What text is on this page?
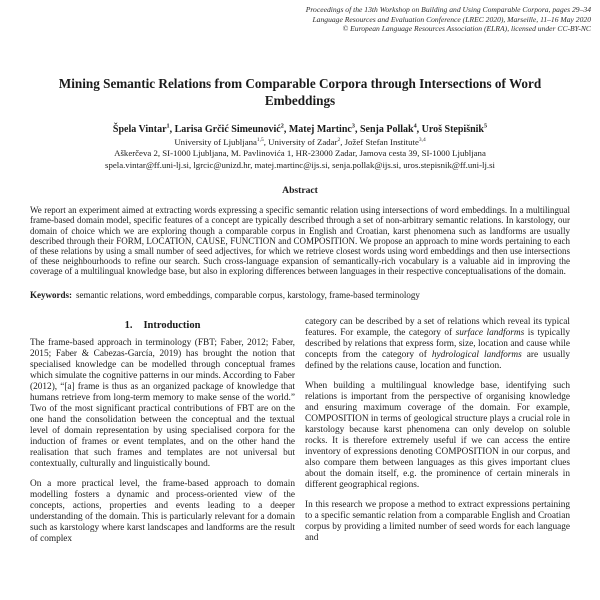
Proceedings of the 13th Workshop on Building and Using Comparable Corpora, pages 29–34
Language Resources and Evaluation Conference (LREC 2020), Marseille, 11–16 May 2020
© European Language Resources Association (ELRA), licensed under CC-BY-NC
Mining Semantic Relations from Comparable Corpora through Intersections of Word Embeddings
Špela Vintar$^1$, Larisa Grčić Simeunović$^2$, Matej Martinc$^3$, Senja Pollak$^4$, Uroš Stepišnik$^5$
University of Ljubljana$^{1,5}$, University of Zadar$^2$, Jožef Stefan Institute$^{3,4}$
Aškerčeva 2, SI-1000 Ljubljana, M. Pavlinovića 1, HR-23000 Zadar, Jamova cesta 39, SI-1000 Ljubljana
spela.vintar@ff.uni-lj.si, lgrcic@unizd.hr, matej.martinc@ijs.si, senja.pollak@ijs.si, uros.stepisnik@ff.uni-lj.si
Abstract

We report an experiment aimed at extracting words expressing a specific semantic relation using intersections of word embeddings. In a multilingual frame-based domain model, specific features of a concept are typically described through a set of non-arbitrary semantic relations. In karstology, our domain of choice which we are exploring though a comparable corpus in English and Croatian, karst phenomena such as landforms are usually described through their FORM, LOCATION, CAUSE, FUNCTION and COMPOSITION. We propose an approach to mine words pertaining to each of these relations by using a small number of seed adjectives, for which we retrieve closest words using word embeddings and then use intersections of these neighbourhoods to refine our search. Such cross-language expansion of semantically-rich vocabulary is a valuable aid in improving the coverage of a multilingual knowledge base, but also in exploring differences between languages in their respective conceptualisations of the domain.

Keywords: semantic relations, word embeddings, comparable corpus, karstology, frame-based terminology

1. Introduction

The frame-based approach in terminology (FBT; Faber, 2012; Faber, 2015; Faber & Cabezas-García, 2019) has brought the notion that specialised knowledge can be modelled through conceptual frames which simulate the cognitive patterns in our minds. According to Faber (2012), “[a] frame is thus as an organized package of knowledge that humans retrieve from long-term memory to make sense of the world.” Two of the most significant practical contributions of FBT are on the one hand the consolidation between the conceptual and the textual level of domain representation by using specialised corpora for the induction of frames or event templates, and on the other hand the realisation that such frames and templates are not universal but contextually, culturally and linguistically bound.

On a more practical level, the frame-based approach to domain modelling fosters a dynamic and process-oriented view of the concepts, actions, properties and events leading to a deeper understanding of the domain. This is particularly relevant for a domain such as karstology where karst landscapes and landforms are the result of complex

category can be described by a set of relations which reveal its typical features. For example, the category of surface landforms is typically described by relations that express form, size, location and cause while concepts from the category of hydrological landforms are usually defined by the relations cause, location and function.

When building a multilingual knowledge base, identifying such relations is important from the perspective of organising knowledge and ensuring maximum coverage of the domain. For example, COMPOSITION in terms of geological structure plays a crucial role in karstology because karst phenomena can only develop on soluble rocks. It is therefore extremely useful if we can access the entire inventory of expressions denoting COMPOSITION in our corpus, and also compare them between languages as this gives important clues about the domain itself, e.g. the prominence of certain minerals in different geographical regions.

In this research we propose a method to extract expressions pertaining to a specific semantic relation from a comparable English and Croatian corpus by providing a limited number of seed words for each language and
